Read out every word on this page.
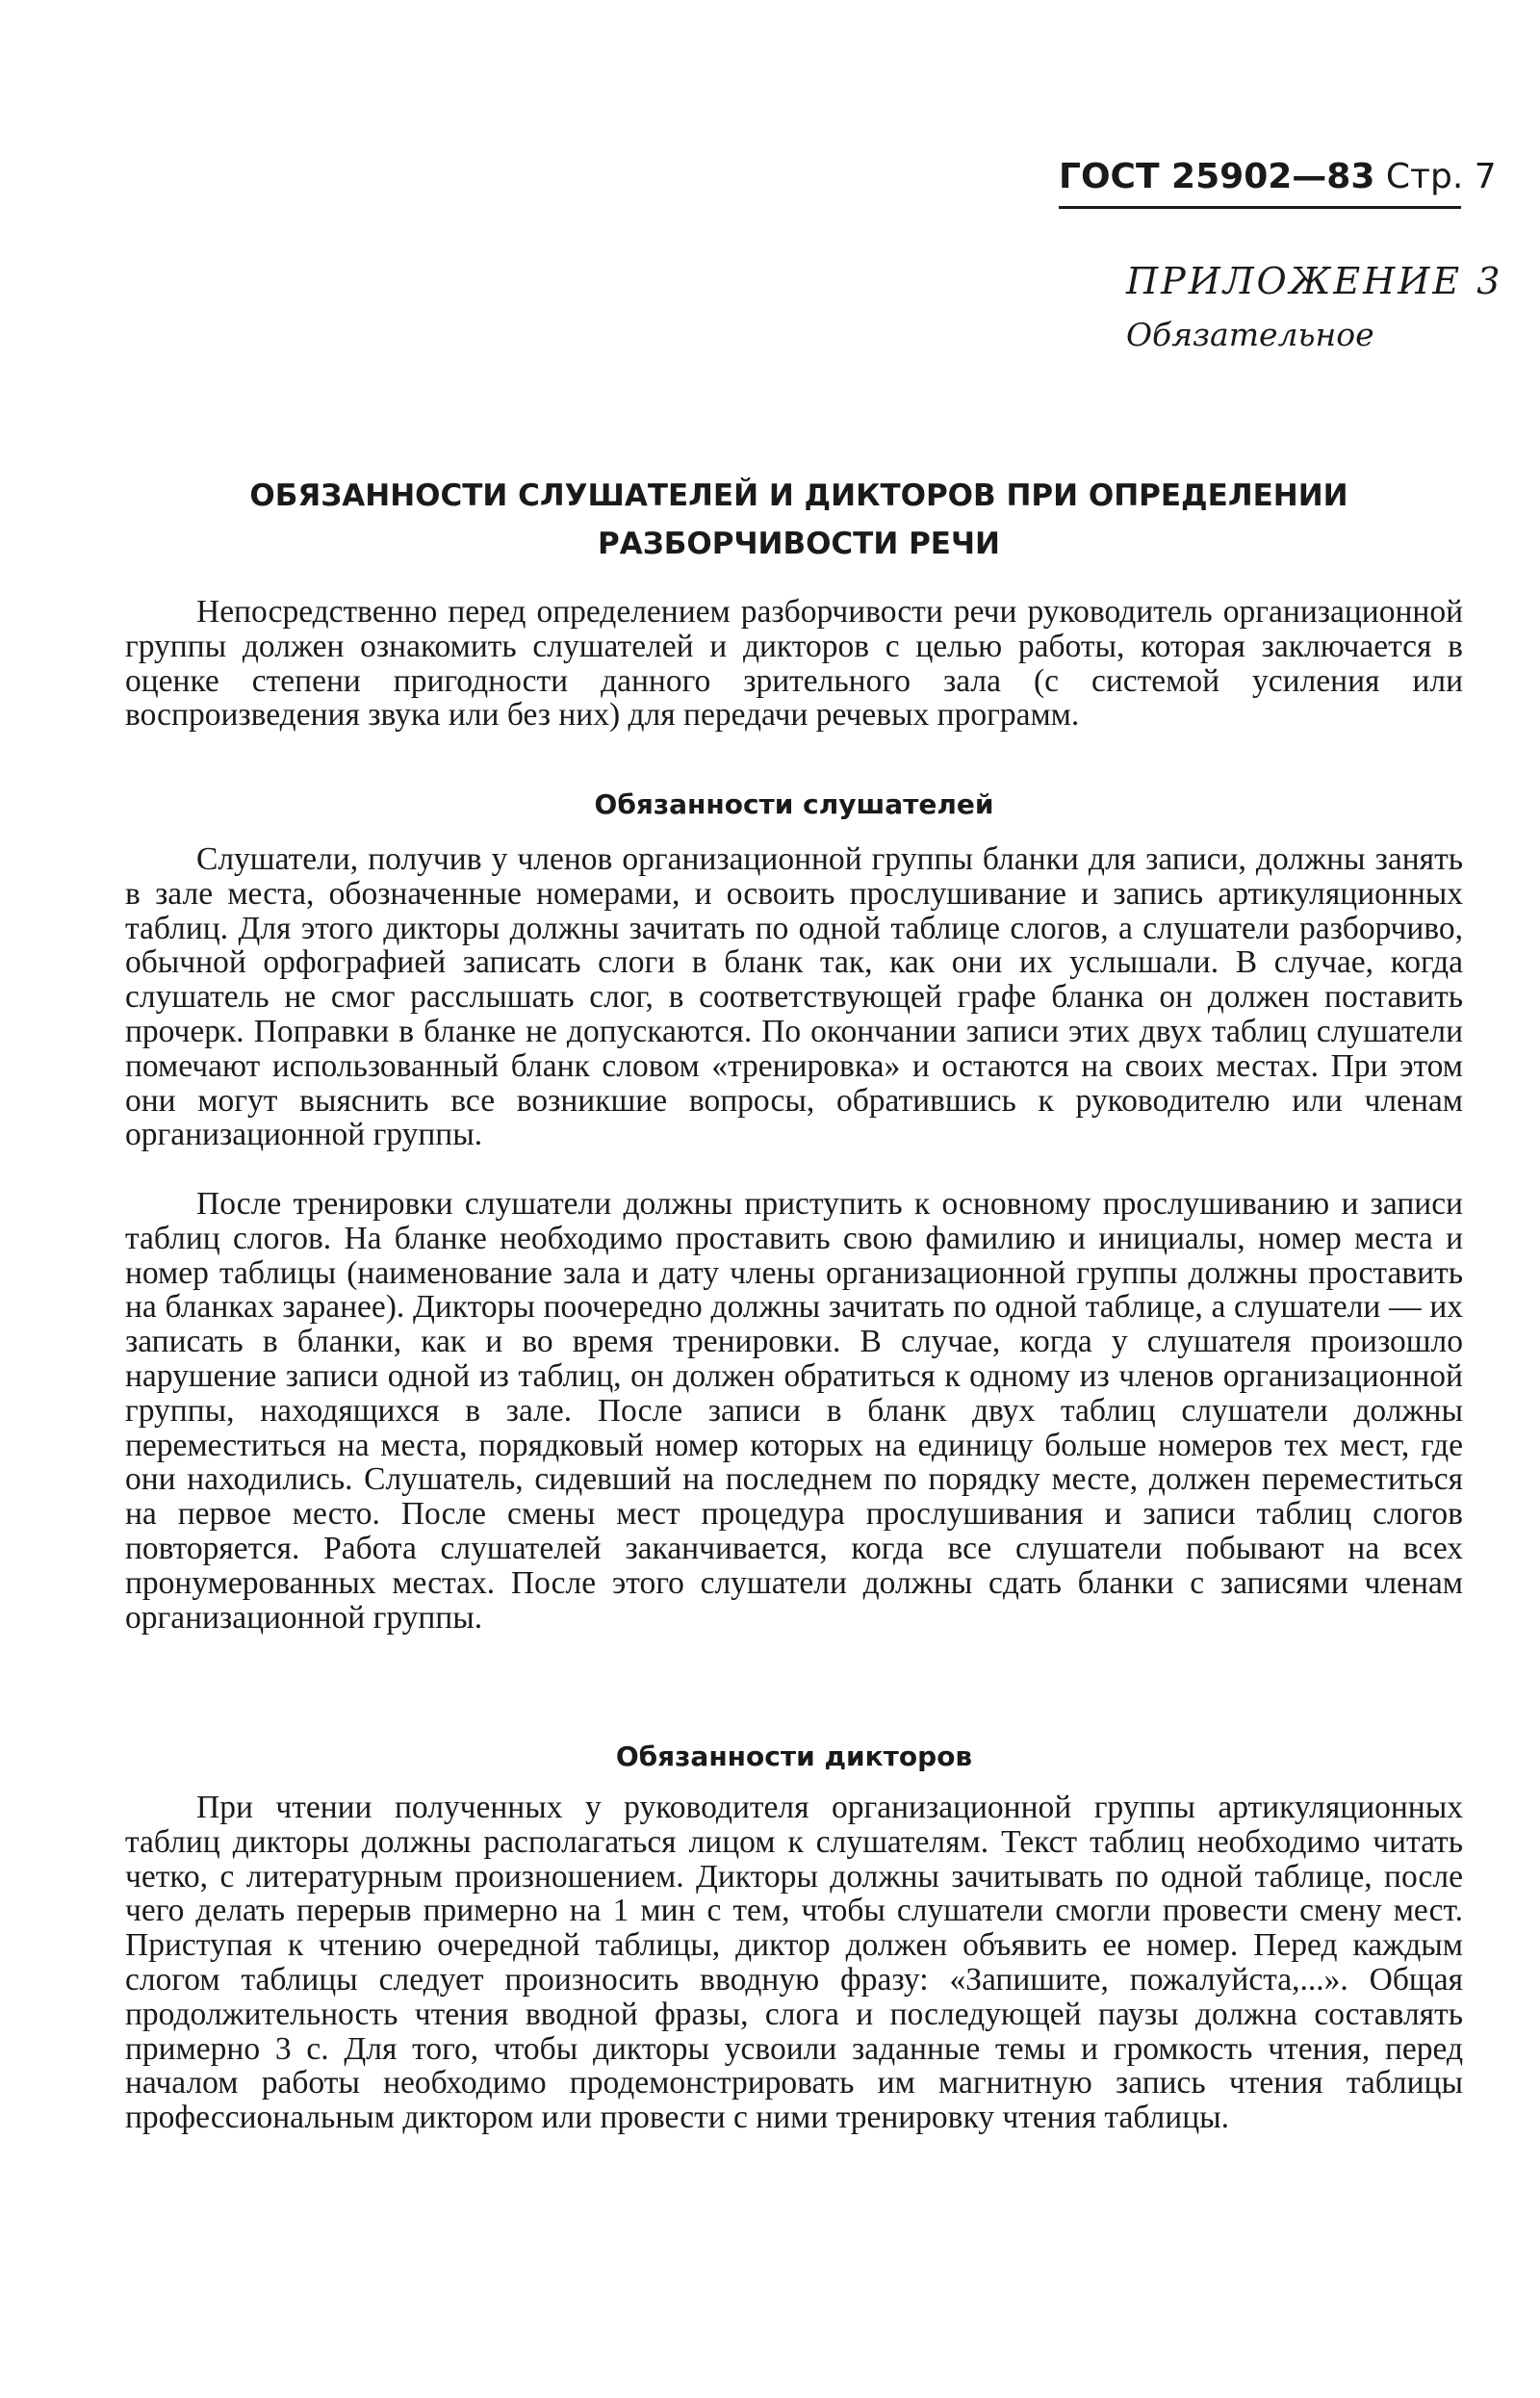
ГОСТ 25902—83 Стр. 7
ПРИЛОЖЕНИЕ 3
Обязательное
ОБЯЗАННОСТИ СЛУШАТЕЛЕЙ И ДИКТОРОВ ПРИ ОПРЕДЕЛЕНИИ
РАЗБОРЧИВОСТИ РЕЧИ

Непосредственно перед определением разборчивости речи руководитель организационной группы должен ознакомить слушателей и дикторов с целью работы, которая заключается в оценке степени пригодности данного зрительного зала (с системой усиления или воспроизведения звука или без них) для передачи речевых программ.

Обязанности слушателей

Слушатели, получив у членов организационной группы бланки для записи, должны занять в зале места, обозначенные номерами, и освоить прослушивание и запись артикуляционных таблиц. Для этого дикторы должны зачитать по одной таблице слогов, а слушатели разборчиво, обычной орфографией записать слоги в бланк так, как они их услышали. В случае, когда слушатель не смог расслышать слог, в соответствующей графе бланка он должен поставить прочерк. Поправки в бланке не допускаются. По окончании записи этих двух таблиц слушатели помечают использованный бланк словом «тренировка» и остаются на своих местах. При этом они могут выяснить все возникшие вопросы, обратившись к руководителю или членам организационной группы.

После тренировки слушатели должны приступить к основному прослушиванию и записи таблиц слогов. На бланке необходимо проставить свою фамилию и инициалы, номер места и номер таблицы (наименование зала и дату члены организационной группы должны проставить на бланках заранее). Дикторы поочередно должны зачитать по одной таблице, а слушатели — их записать в бланки, как и во время тренировки. В случае, когда у слушателя произошло нарушение записи одной из таблиц, он должен обратиться к одному из членов организационной группы, находящихся в зале. После записи в бланк двух таблиц слушатели должны переместиться на места, порядковый номер которых на единицу больше номеров тех мест, где они находились. Слушатель, сидевший на последнем по порядку месте, должен переместиться на первое место. После смены мест процедура прослушивания и записи таблиц слогов повторяется. Работа слушателей заканчивается, когда все слушатели побывают на всех пронумерованных местах. После этого слушатели должны сдать бланки с записями членам организационной группы.

Обязанности дикторов

При чтении полученных у руководителя организационной группы артикуляционных таблиц дикторы должны располагаться лицом к слушателям. Текст таблиц необходимо читать четко, с литературным произношением. Дикторы должны зачитывать по одной таблице, после чего делать перерыв примерно на 1 мин с тем, чтобы слушатели смогли провести смену мест. Приступая к чтению очередной таблицы, диктор должен объявить ее номер. Перед каждым слогом таблицы следует произносить вводную фразу: «Запишите, пожалуйста,...». Общая продолжительность чтения вводной фразы, слога и последующей паузы должна составлять примерно 3 с. Для того, чтобы дикторы усвоили заданные темы и громкость чтения, перед началом работы необходимо продемонстрировать им магнитную запись чтения таблицы профессиональным диктором или провести с ними тренировку чтения таблицы.
